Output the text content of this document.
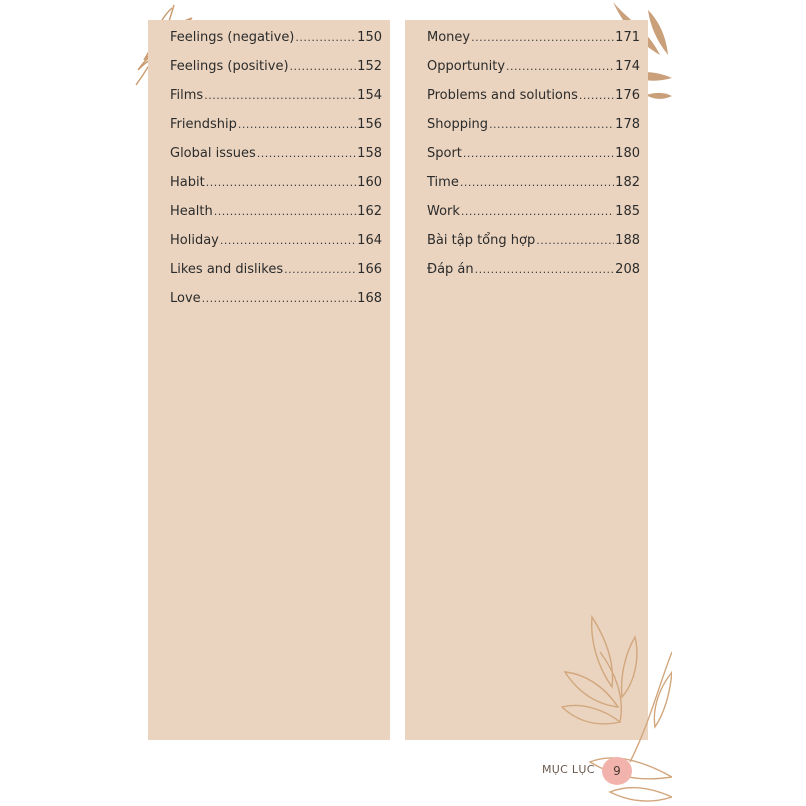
Feelings (negative) .....	150
Feelings (positive) .....	152
Films .....	154
Friendship .....	156
Global issues .....	158
Habit .....	160
Health .....	162
Holiday .....	164
Likes and dislikes .....	166
Love .....	168
Money .....	171
Opportunity .....	174
Problems and solutions .....	176
Shopping .....	178
Sport .....	180
Time .....	182
Work .....	185
Bài tập tổng hợp .....	188
Đáp án .....	208
MỤC LỤC 9
